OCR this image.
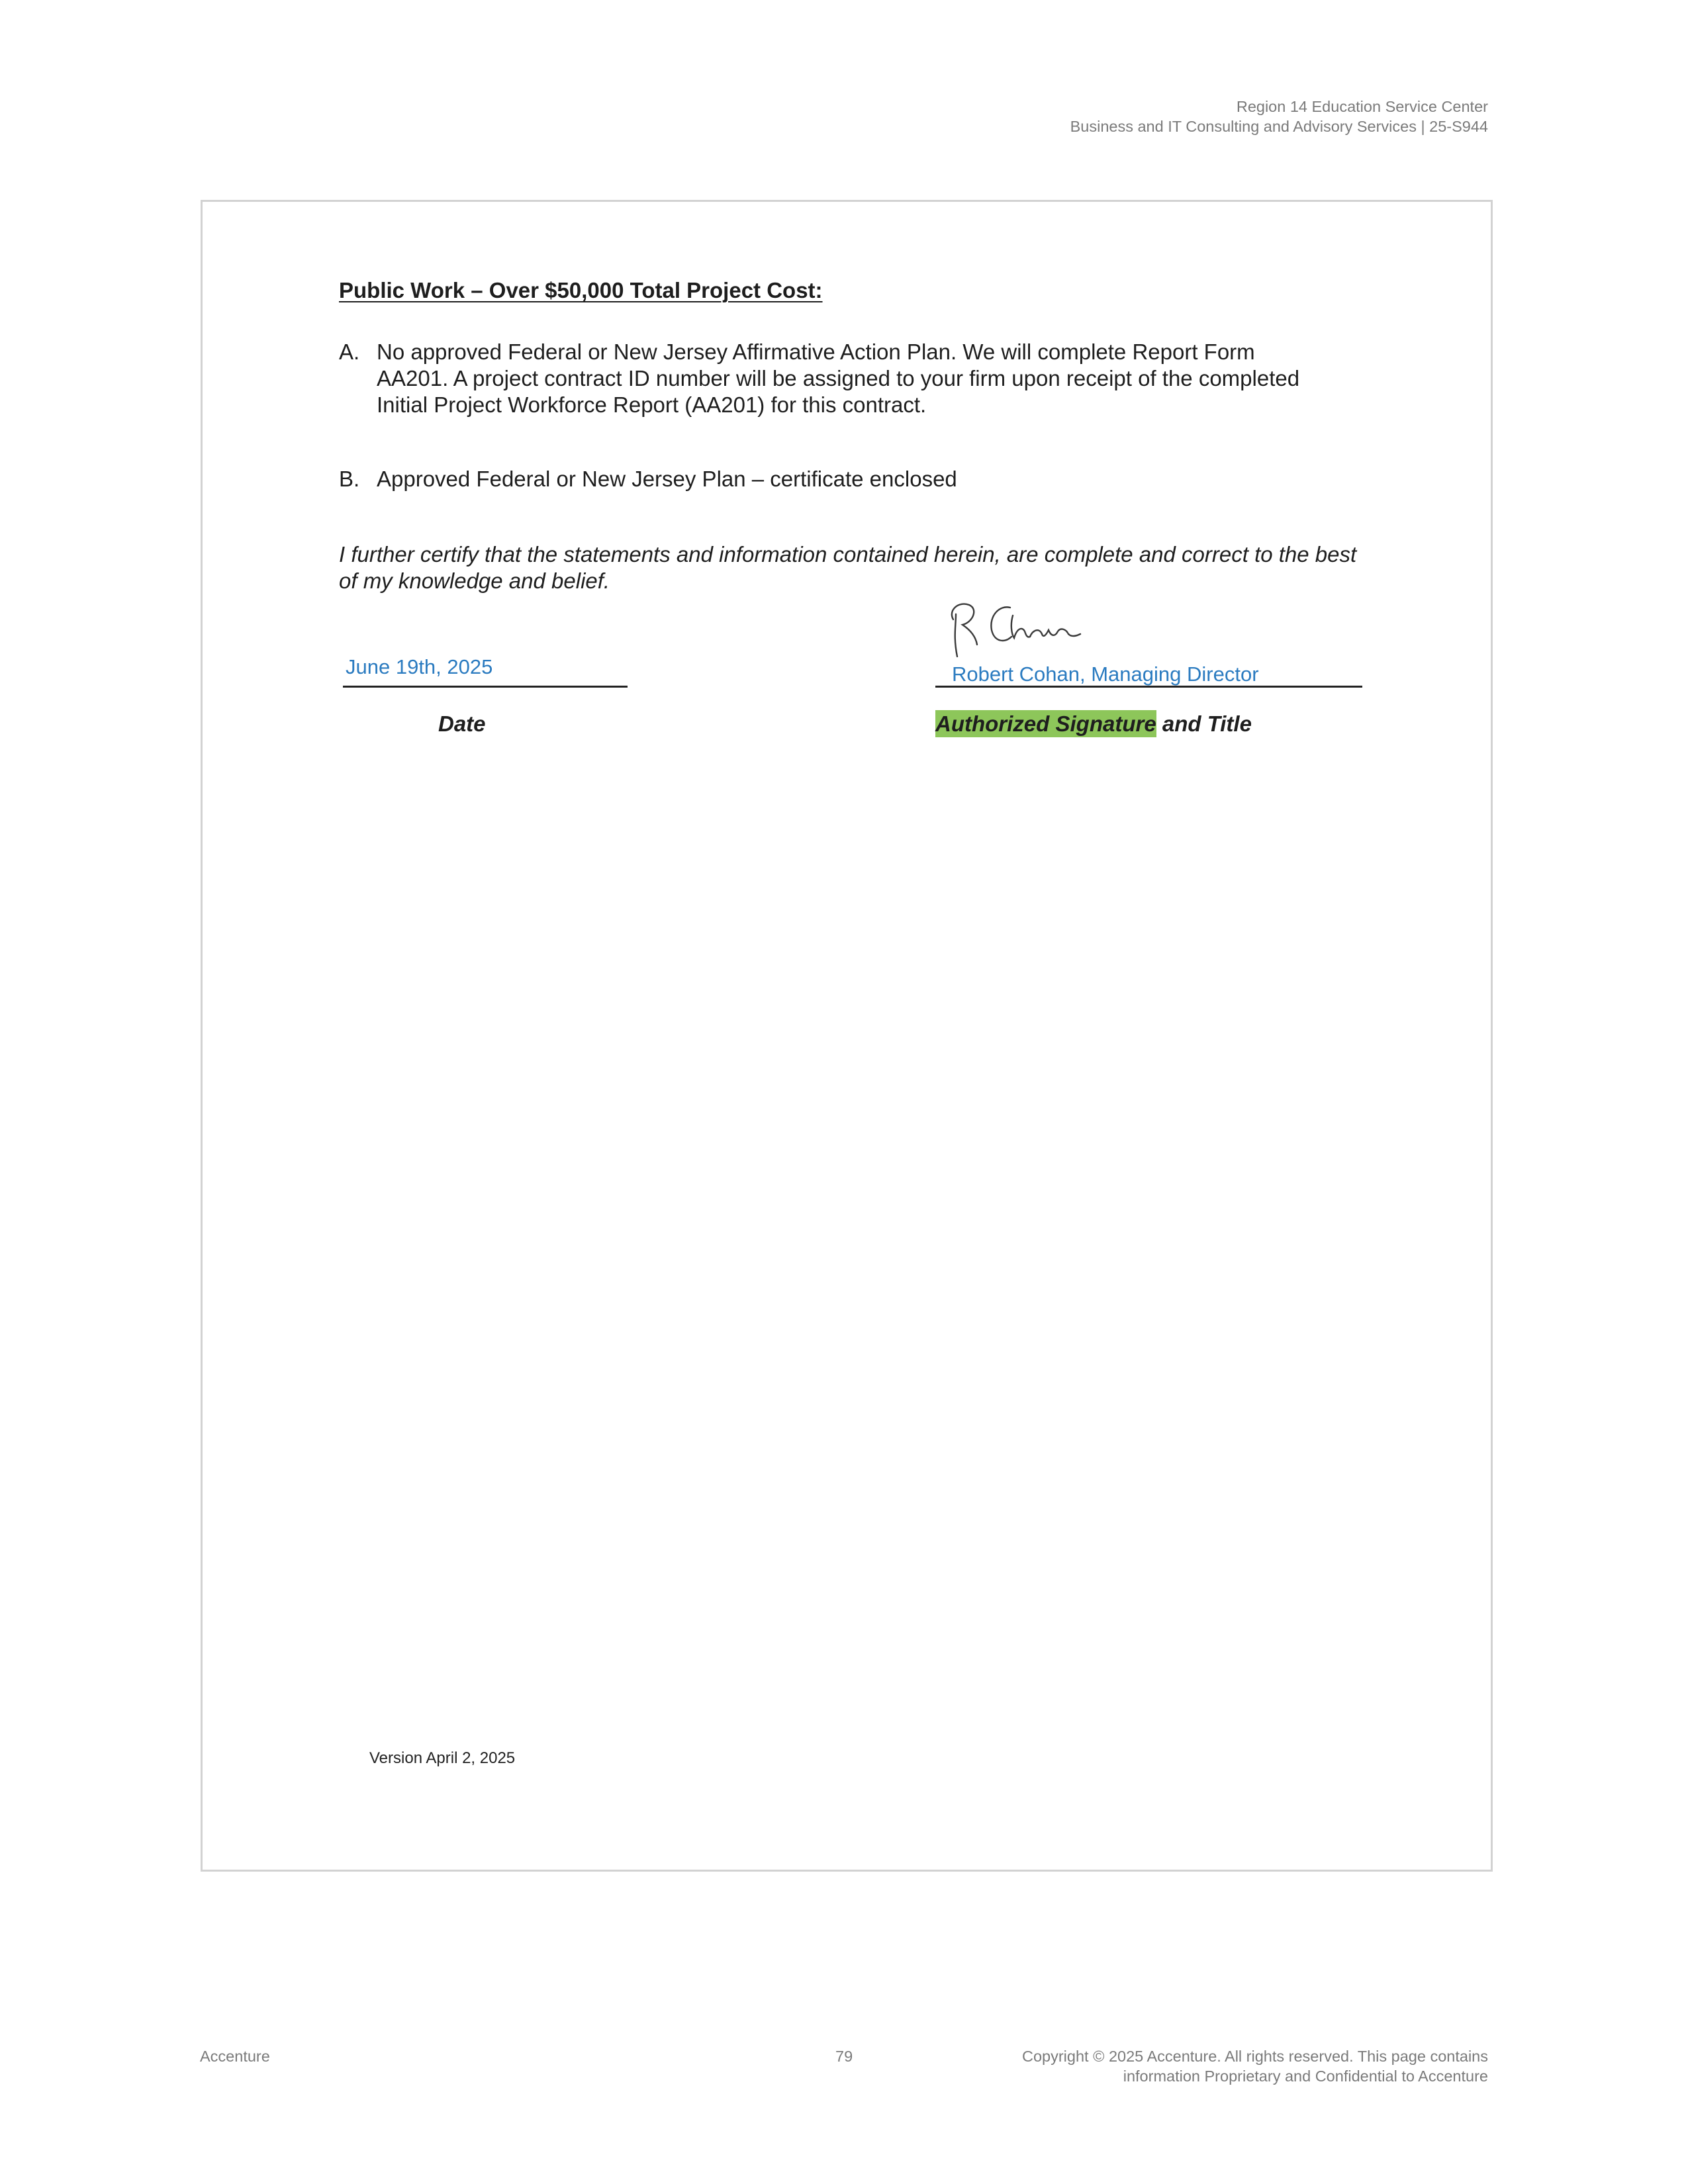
Region 14 Education Service Center
Business and IT Consulting and Advisory Services | 25-S944
Public Work – Over $50,000 Total Project Cost:
A. No approved Federal or New Jersey Affirmative Action Plan. We will complete Report Form
AA201. A project contract ID number will be assigned to your firm upon receipt of the completed
Initial Project Workforce Report (AA201) for this contract.
B. Approved Federal or New Jersey Plan – certificate enclosed
I further certify that the statements and information contained herein, are complete and correct to the best
of my knowledge and belief.
June 19th, 2025
Date
Robert Cohan, Managing Director
Authorized Signature and Title
Version April 2, 2025
Accenture	79	Copyright © 2025 Accenture. All rights reserved. This page contains
information Proprietary and Confidential to Accenture
